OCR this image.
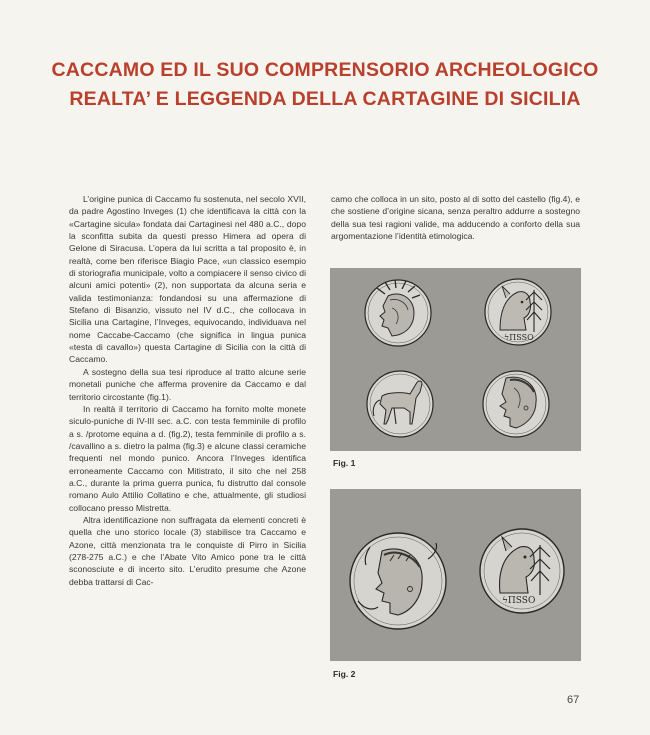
CACCAMO ED IL SUO COMPRENSORIO ARCHEOLOGICO
REALTA’ E LEGGENDA DELLA CARTAGINE DI SICILIA

L’origine punica di Caccamo fu sostenuta, nel secolo XVII, da padre Agostino Inveges (1) che identificava la città con la «Cartagine sicula» fondata dai Cartaginesi nel 480 a.C., dopo la sconfitta subita da questi presso Himera ad opera di Gelone di Siracusa. L’opera da lui scritta a tal proposito è, in realtà, come ben riferisce Biagio Pace, «un classico esempio di storiografia municipale, volto a compiacere il senso civico di alcuni amici potenti» (2), non supportata da alcuna seria e valida testimonianza: fondandosi su una affermazione di Stefano di Bisanzio, vissuto nel IV d.C., che collocava in Sicilia una Cartagine, l’Inveges, equivocando, individuava nel nome Caccabe-Caccamo (che significa in lingua punica «testa di cavallo») questa Cartagine di Sicilia con la città di Caccamo.

A sostegno della sua tesi riproduce al tratto alcune serie monetali puniche che afferma provenire da Caccamo e dal territorio circostante (fig.1).

In realtà il territorio di Caccamo ha fornito molte monete siculo-puniche di IV-III sec. a.C. con testa femminile di profilo a s. /protome equina a d. (fig.2), testa femminile di profilo a s. /cavallino a s. dietro la palma (fig.3) e alcune classi ceramiche frequenti nel mondo punico. Ancora l’Inveges identifica erroneamente Caccamo con Mitistrato, il sito che nel 258 a.C., durante la prima guerra punica, fu distrutto dal console romano Aulo Attilio Collatino e che, attualmente, gli studiosi collocano presso Mistretta.

Altra identificazione non suffragata da elementi concreti è quella che uno storico locale (3) stabilisce tra Caccamo e Azone, città menzionata tra le conquiste di Pirro in Sicilia (278-275 a.C.) e che l’Abate Vito Amico pone tra le città sconosciute e di incerto sito. L’erudito presume che Azone debba trattarsi di Cac-

camo che colloca in un sito, posto al di sotto del castello (fig.4), e che sostiene d’origine sicana, senza peraltro addurre a sostegno della sua tesi ragioni valide, ma adducendo a conforto della sua argomentazione l’identità etimologica.

ϟΠSSO
Fig. 1
ϟΠSSO
Fig. 2
67
